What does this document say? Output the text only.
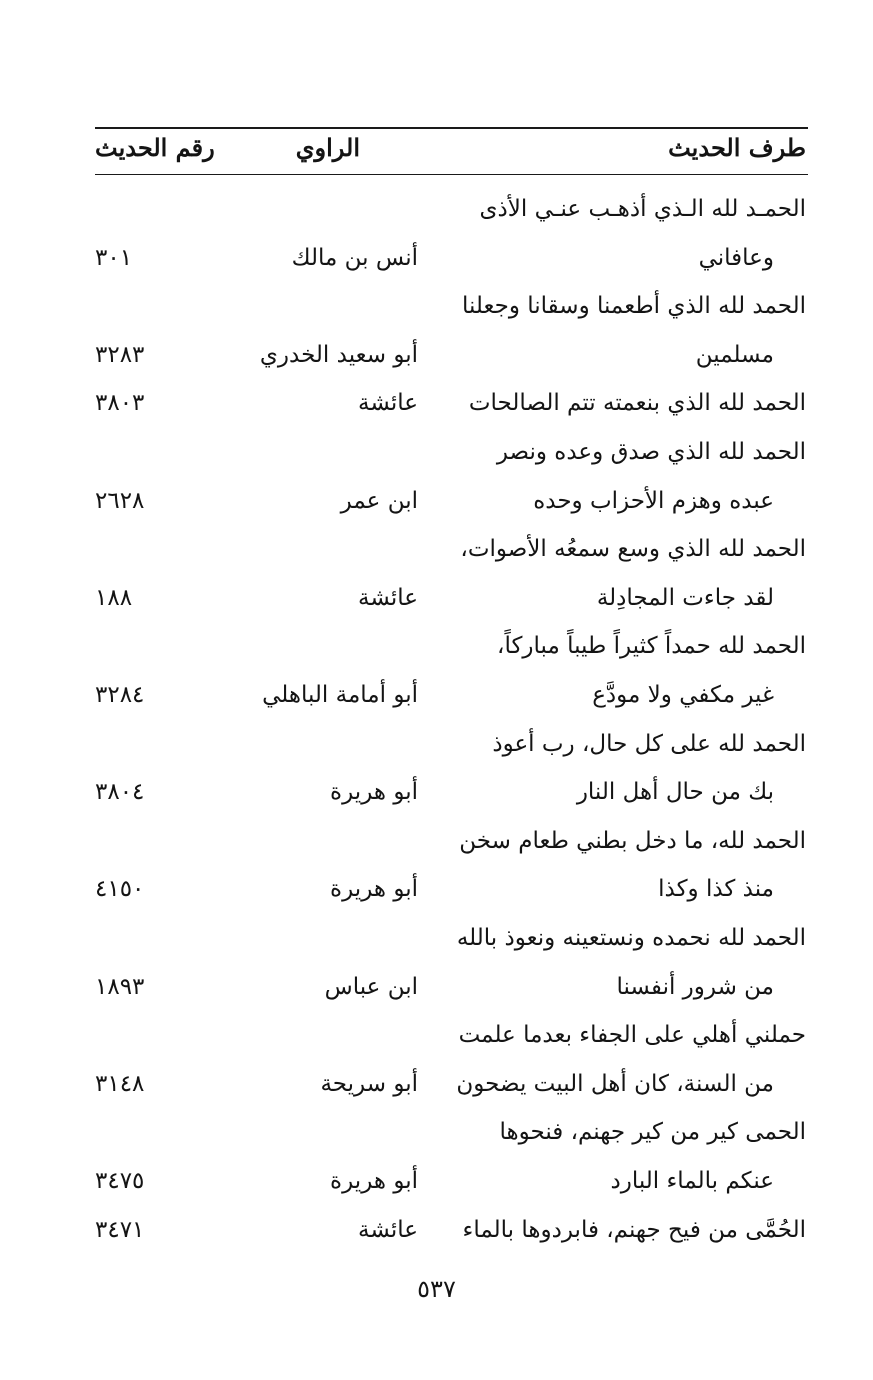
طرف الحديث
الراوي
رقم الحديث
الحمـد لله الـذي أذهـب عنـي الأذى
وعافاني
أنس بن مالك
٣٠١
الحمد لله الذي أطعمنا وسقانا وجعلنا
مسلمين
أبو سعيد الخدري
٣٢٨٣
الحمد لله الذي بنعمته تتم الصالحات
عائشة
٣٨٠٣
الحمد لله الذي صدق وعده ونصر
عبده وهزم الأحزاب وحده
ابن عمر
٢٦٢٨
الحمد لله الذي وسع سمعُه الأصوات،
لقد جاءت المجادِلة
عائشة
١٨٨
الحمد لله حمداً كثيراً طيباً مباركاً،
غير مكفي ولا مودَّع
أبو أمامة الباهلي
٣٢٨٤
الحمد لله على كل حال، رب أعوذ
بك من حال أهل النار
أبو هريرة
٣٨٠٤
الحمد لله، ما دخل بطني طعام سخن
منذ كذا وكذا
أبو هريرة
٤١٥٠
الحمد لله نحمده ونستعينه ونعوذ بالله
من شرور أنفسنا
ابن عباس
١٨٩٣
حملني أهلي على الجفاء بعدما علمت
من السنة، كان أهل البيت يضحون
أبو سريحة
٣١٤٨
الحمى كير من كير جهنم، فنحوها
عنكم بالماء البارد
أبو هريرة
٣٤٧٥
الحُمَّى من فيح جهنم، فابردوها بالماء
عائشة
٣٤٧١
٥٣٧
